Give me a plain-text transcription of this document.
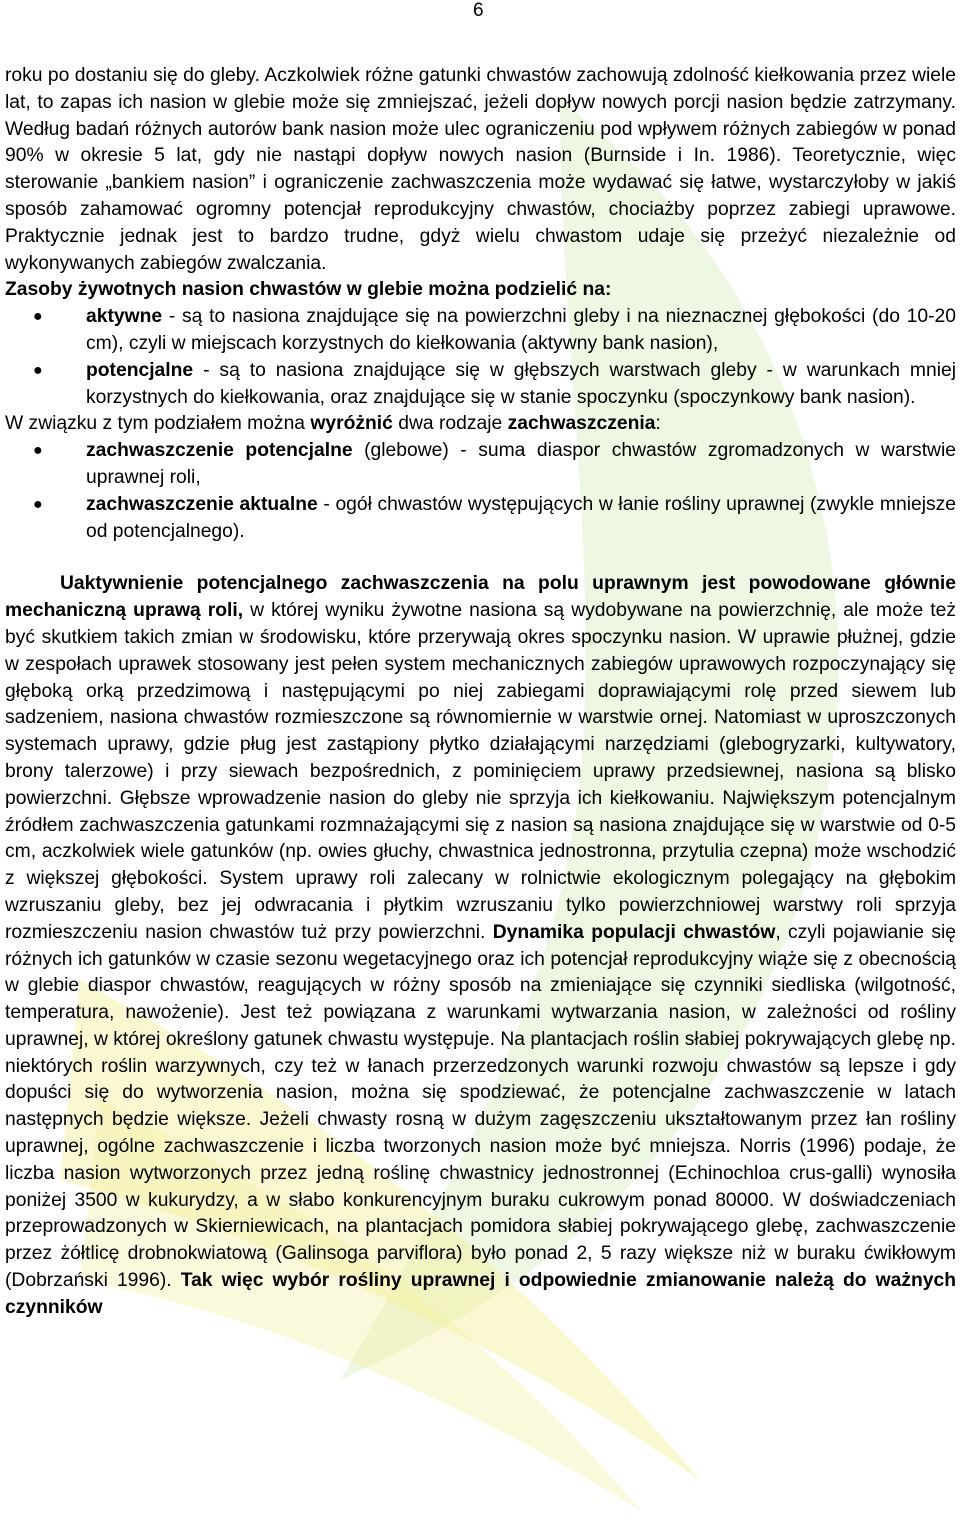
6

roku po dostaniu się do gleby. Aczkolwiek różne gatunki chwastów zachowują zdolność kiełkowania przez wiele lat, to zapas ich nasion w glebie może się zmniejszać, jeżeli dopływ nowych porcji nasion będzie zatrzymany. Według badań różnych autorów bank nasion może ulec ograniczeniu pod wpływem różnych zabiegów w ponad 90% w okresie 5 lat, gdy nie nastąpi dopływ nowych nasion (Burnside i In. 1986). Teoretycznie, więc sterowanie „bankiem nasion” i ograniczenie zachwaszczenia może wydawać się łatwe, wystarczyłoby w jakiś sposób zahamować ogromny potencjał reprodukcyjny chwastów, chociażby poprzez zabiegi uprawowe. Praktycznie jednak jest to bardzo trudne, gdyż wielu chwastom udaje się przeżyć niezależnie od wykonywanych zabiegów zwalczania.

Zasoby żywotnych nasion chwastów w glebie można podzielić na:

● aktywne - są to nasiona znajdujące się na powierzchni gleby i na nieznacznej głębokości (do 10-20 cm), czyli w miejscach korzystnych do kiełkowania (aktywny bank nasion),
● potencjalne - są to nasiona znajdujące się w głębszych warstwach gleby - w warunkach mniej korzystnych do kiełkowania, oraz znajdujące się w stanie spoczynku (spoczynkowy bank nasion).

W związku z tym podziałem można wyróżnić dwa rodzaje zachwaszczenia:

● zachwaszczenie potencjalne (glebowe) - suma diaspor chwastów zgromadzonych w warstwie uprawnej roli,
● zachwaszczenie aktualne - ogół chwastów występujących w łanie rośliny uprawnej (zwykle mniejsze od potencjalnego).

Uaktywnienie potencjalnego zachwaszczenia na polu uprawnym jest powodowane głównie mechaniczną uprawą roli, w której wyniku żywotne nasiona są wydobywane na powierzchnię, ale może też być skutkiem takich zmian w środowisku, które przerywają okres spoczynku nasion. W uprawie płużnej, gdzie w zespołach uprawek stosowany jest pełen system mechanicznych zabiegów uprawowych rozpoczynający się głęboką orką przedzimową i następującymi po niej zabiegami doprawiającymi rolę przed siewem lub sadzeniem, nasiona chwastów rozmieszczone są równomiernie w warstwie ornej. Natomiast w uproszczonych systemach uprawy, gdzie pług jest zastąpiony płytko działającymi narzędziami (glebogryzarki, kultywatory, brony talerzowe) i przy siewach bezpośrednich, z pominięciem uprawy przedsiewnej, nasiona są blisko powierzchni. Głębsze wprowadzenie nasion do gleby nie sprzyja ich kiełkowaniu. Największym potencjalnym źródłem zachwaszczenia gatunkami rozmnażającymi się z nasion są nasiona znajdujące się w warstwie od 0-5 cm, aczkolwiek wiele gatunków (np. owies głuchy, chwastnica jednostronna, przytulia czepna) może wschodzić z większej głębokości. System uprawy roli zalecany w rolnictwie ekologicznym polegający na głębokim wzruszaniu gleby, bez jej odwracania i płytkim wzruszaniu tylko powierzchniowej warstwy roli sprzyja rozmieszczeniu nasion chwastów tuż przy powierzchni. Dynamika populacji chwastów, czyli pojawianie się różnych ich gatunków w czasie sezonu wegetacyjnego oraz ich potencjał reprodukcyjny wiąże się z obecnością w glebie diaspor chwastów, reagujących w różny sposób na zmieniające się czynniki siedliska (wilgotność, temperatura, nawożenie). Jest też powiązana z warunkami wytwarzania nasion, w zależności od rośliny uprawnej, w której określony gatunek chwastu występuje. Na plantacjach roślin słabiej pokrywających glebę np. niektórych roślin warzywnych, czy też w łanach przerzedzonych warunki rozwoju chwastów są lepsze i gdy dopuści się do wytworzenia nasion, można się spodziewać, że potencjalne zachwaszczenie w latach następnych będzie większe. Jeżeli chwasty rosną w dużym zagęszczeniu ukształtowanym przez łan rośliny uprawnej, ogólne zachwaszczenie i liczba tworzonych nasion może być mniejsza. Norris (1996) podaje, że liczba nasion wytworzonych przez jedną roślinę chwastnicy jednostronnej (Echinochloa crus-galli) wynosiła poniżej 3500 w kukurydzy, a w słabo konkurencyjnym buraku cukrowym ponad 80000. W doświadczeniach przeprowadzonych w Skierniewicach, na plantacjach pomidora słabiej pokrywającego glebę, zachwaszczenie przez żółtlicę drobnokwiatową (Galinsoga parviflora) było ponad 2, 5 razy większe niż w buraku ćwikłowym (Dobrzański 1996). Tak więc wybór rośliny uprawnej i odpowiednie zmianowanie należą do ważnych czynników
